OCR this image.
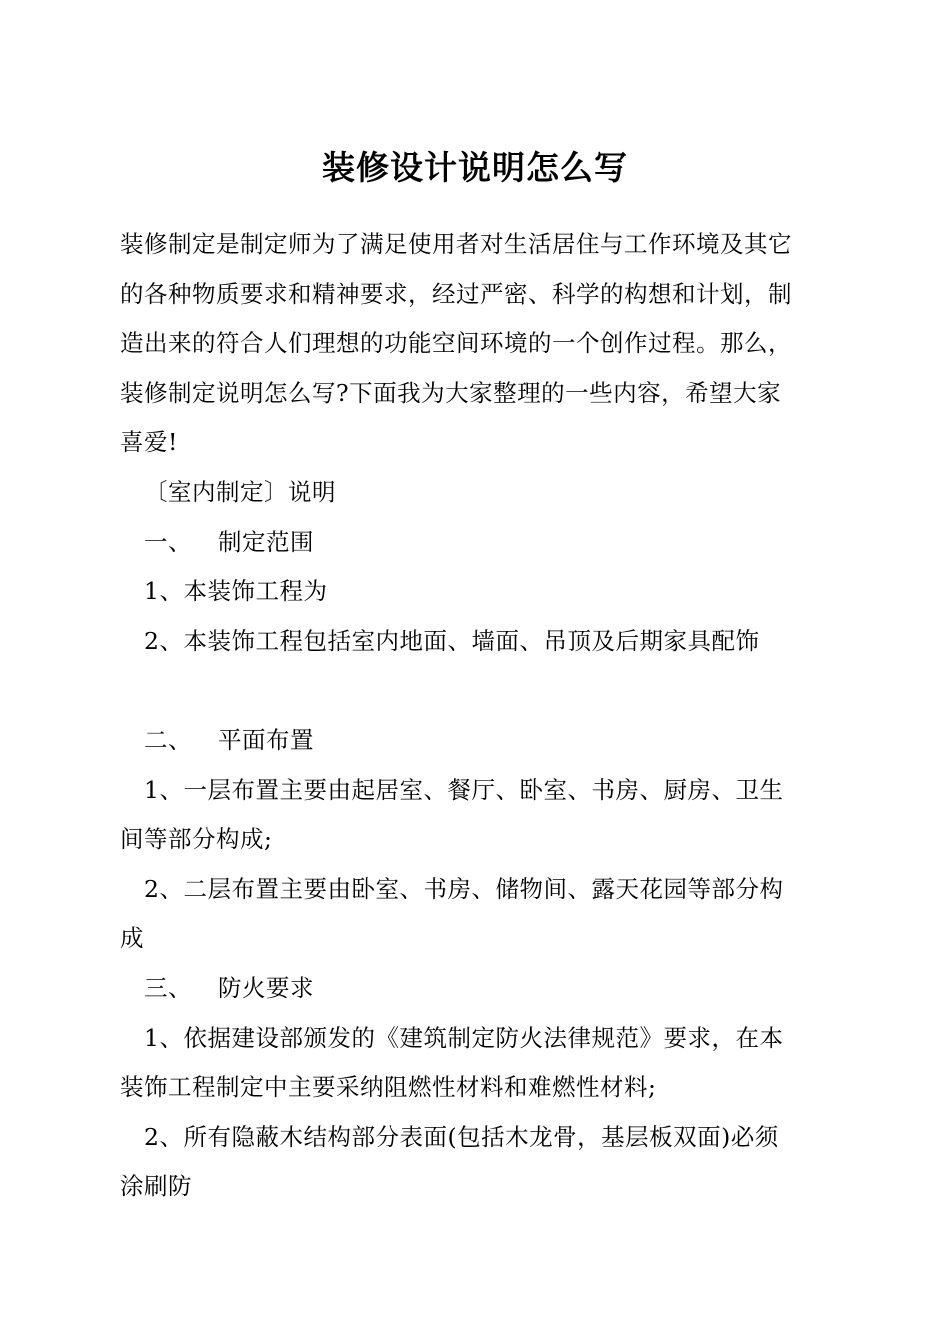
装修设计说明怎么写
装修制定是制定师为了满足使用者对生活居住与工作环境及其它
的各种物质要求和精神要求，经过严密、科学的构想和计划，制
造出来的符合人们理想的功能空间环境的一个创作过程。那么，
装修制定说明怎么写?下面我为大家整理的一些内容，希望大家
喜爱!
〔室内制定〕说明
一、 制定范围
1、本装饰工程为
2、本装饰工程包括室内地面、墙面、吊顶及后期家具配饰
二、 平面布置
1、一层布置主要由起居室、餐厅、卧室、书房、厨房、卫生
间等部分构成;
2、二层布置主要由卧室、书房、储物间、露天花园等部分构
成
三、 防火要求
1、依据建设部颁发的《建筑制定防火法律规范》要求，在本
装饰工程制定中主要采纳阻燃性材料和难燃性材料;
2、所有隐蔽木结构部分表面(包括木龙骨，基层板双面)必须
涂刷防
